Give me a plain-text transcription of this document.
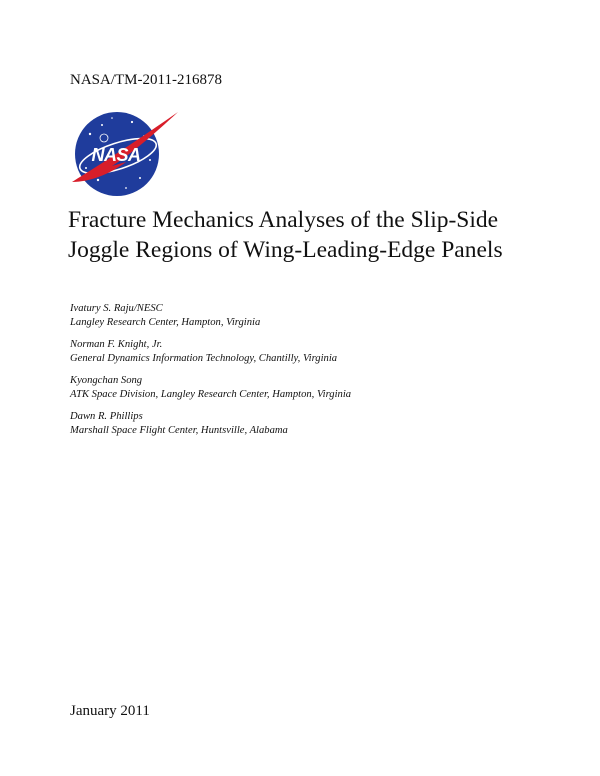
NASA/TM-2011-216878
NASA
Fracture Mechanics Analyses of the Slip-Side
Joggle Regions of Wing-Leading-Edge Panels
Ivatury S. Raju/NESC
Langley Research Center, Hampton, Virginia
Norman F. Knight, Jr.
General Dynamics Information Technology, Chantilly, Virginia
Kyongchan Song
ATK Space Division, Langley Research Center, Hampton, Virginia
Dawn R. Phillips
Marshall Space Flight Center, Huntsville, Alabama
January 2011
